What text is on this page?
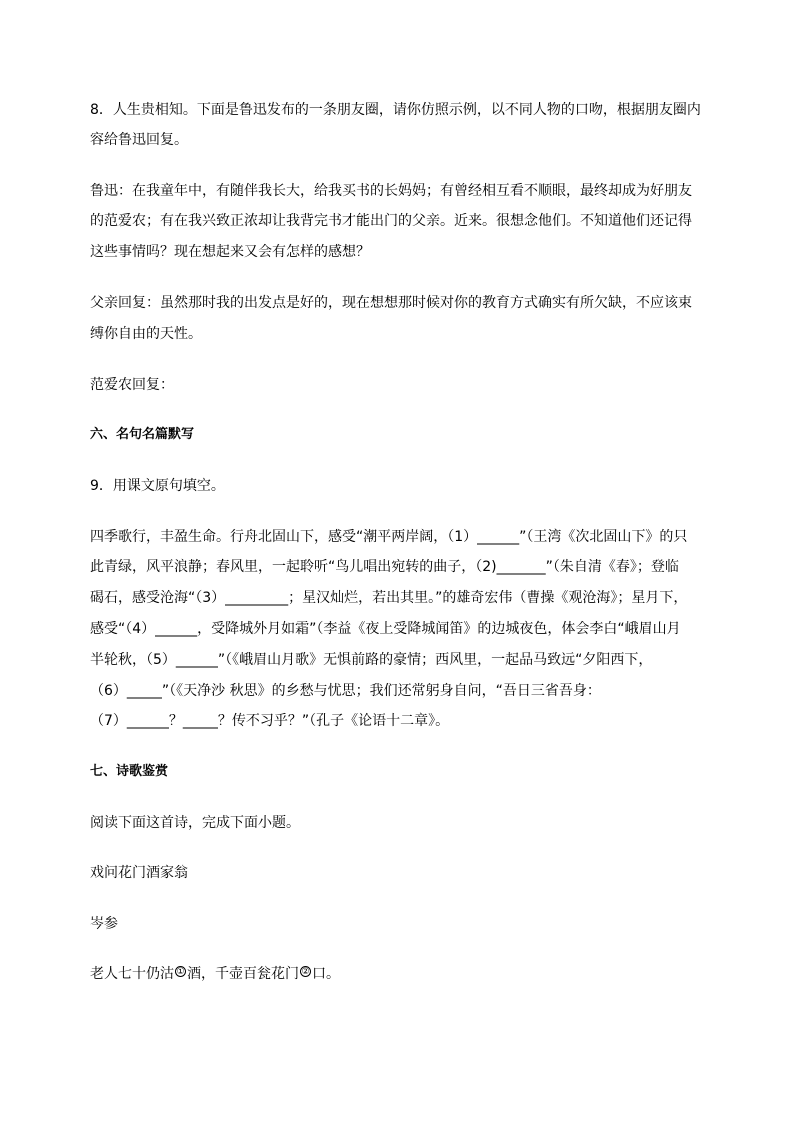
8．人生贵相知。下面是鲁迅发布的一条朋友圈，请你仿照示例，以不同人物的口吻，根据朋友圈内

容给鲁迅回复。

鲁迅：在我童年中，有随伴我长大，给我买书的长妈妈；有曾经相互看不顺眼，最终却成为好朋友

的范爱农；有在我兴致正浓却让我背完书才能出门的父亲。近来。很想念他们。不知道他们还记得

这些事情吗？现在想起来又会有怎样的感想？

父亲回复：虽然那时我的出发点是好的，现在想想那时候对你的教育方式确实有所欠缺，不应该束

缚你自由的天性。

范爱农回复：

六、名句名篇默写

9．用课文原句填空。

四季歌行，丰盈生命。行舟北固山下，感受“潮平两岸阔，（1）______”（王湾《次北固山下》的只

此青绿，风平浪静；春风里，一起聆听“鸟儿唱出宛转的曲子，（2)_______”（朱自清《春》；登临

碣石，感受沧海“（3）_________；星汉灿烂，若出其里。”的雄奇宏伟（曹操《观沧海》；星月下，

感受“（4）______，受降城外月如霜”（李益《夜上受降城闻笛》的边城夜色，体会李白“峨眉山月

半轮秋，（5）______”（《峨眉山月歌》无惧前路的豪情；西风里，一起品马致远“夕阳西下，

（6）_____”（《天净沙 秋思》的乡愁与忧思；我们还常躬身自问，“吾日三省吾身：

（7）______？_____？传不习乎？”（孔子《论语十二章》。

七、诗歌鉴赏

阅读下面这首诗，完成下面小题。

戏问花门酒家翁

岑参

老人七十仍沽 ① 酒，千壶百瓮花门 ② 口。
